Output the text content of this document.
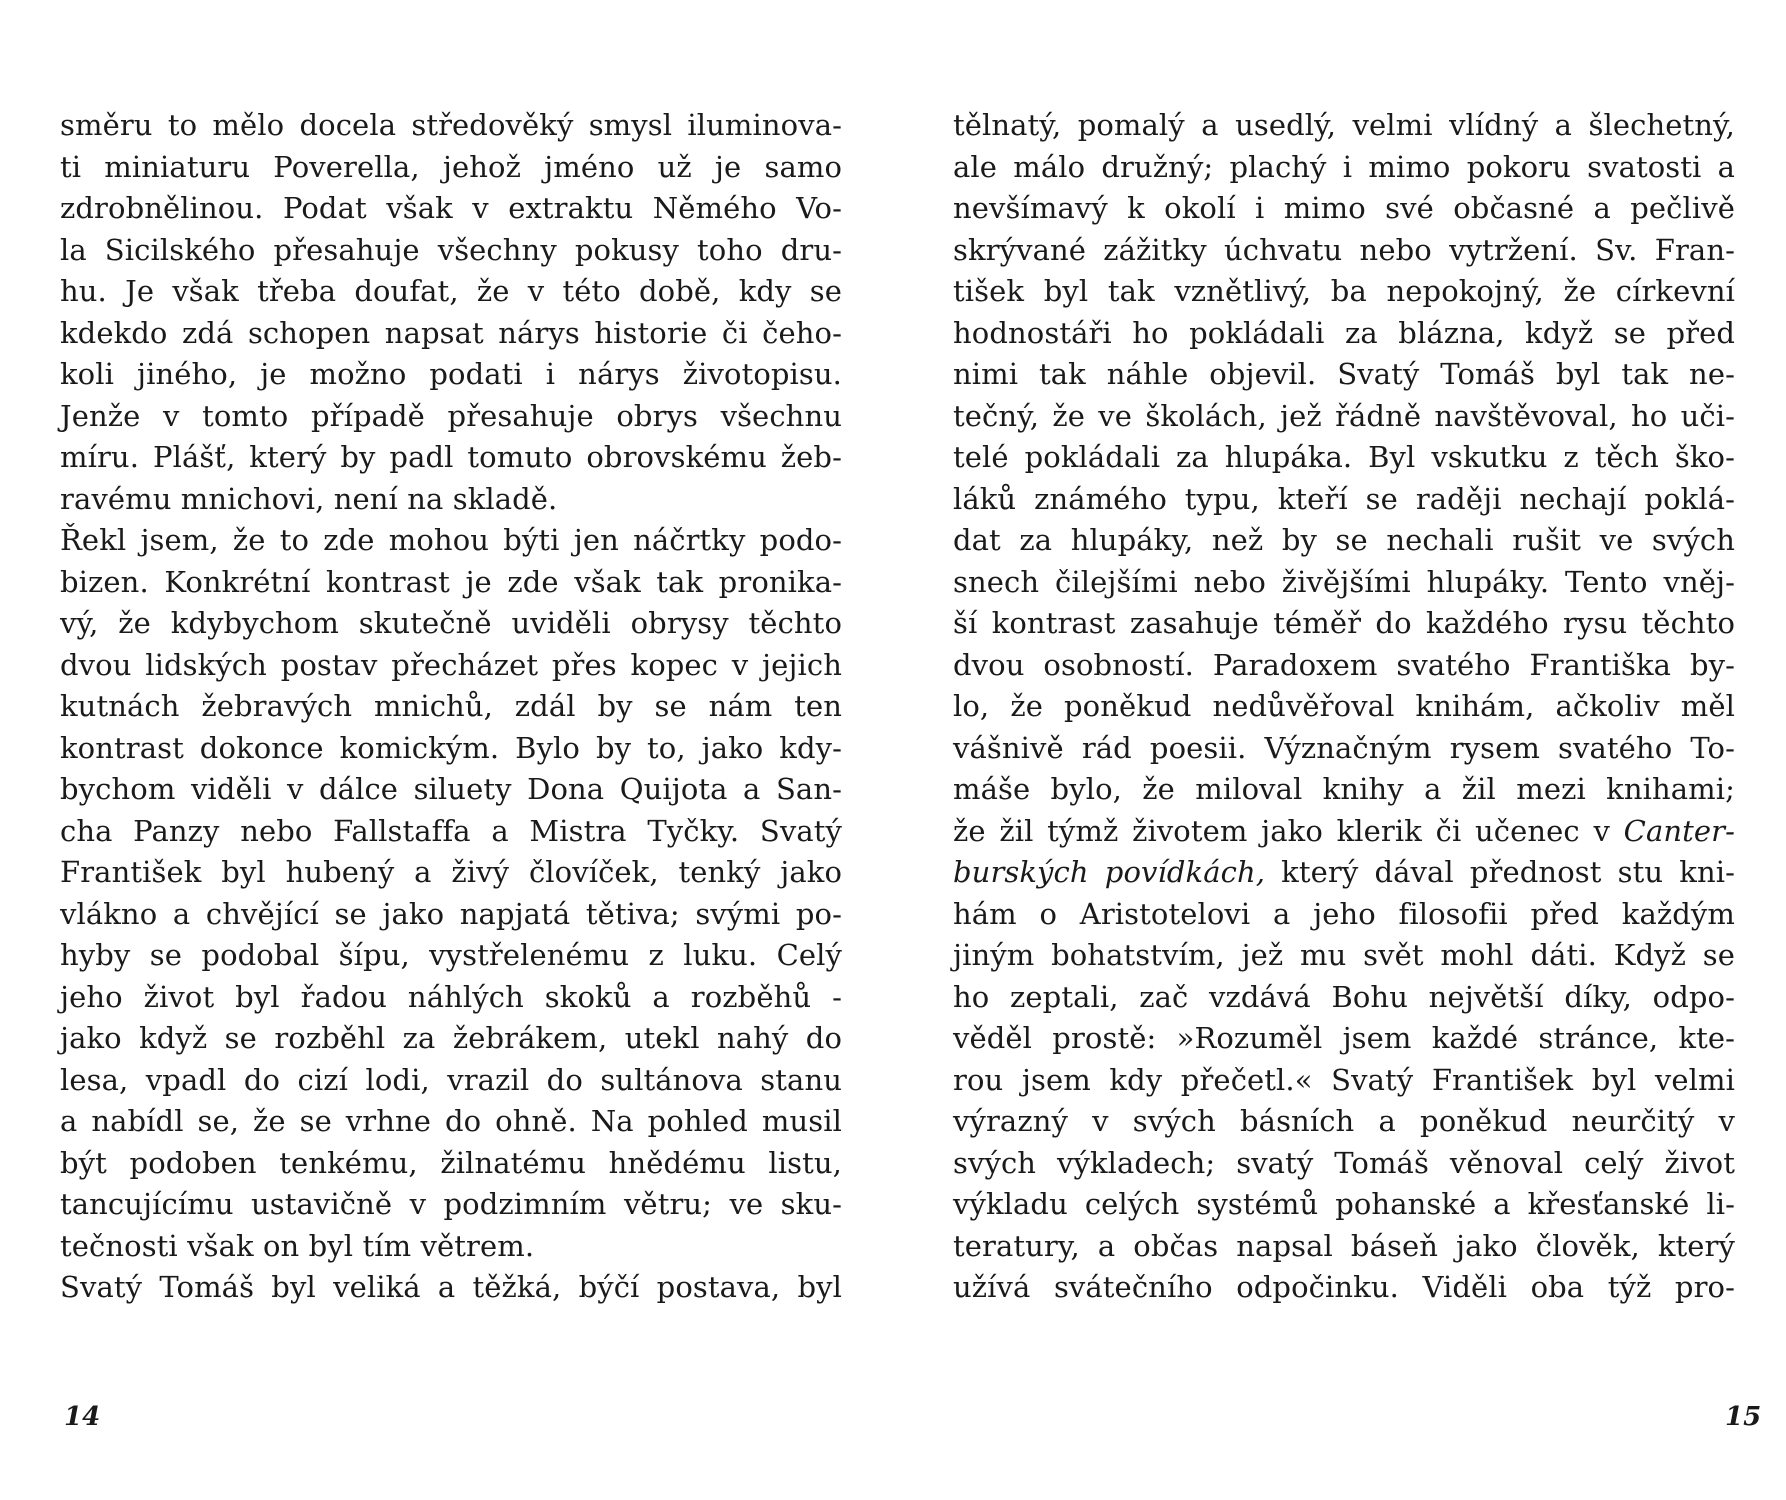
směru to mělo docela středověký smysl iluminova-
ti miniaturu Poverella, jehož jméno už je samo
zdrobnělinou. Podat však v extraktu Němého Vo-
la Sicilského přesahuje všechny pokusy toho dru-
hu. Je však třeba doufat, že v této době, kdy se
kdekdo zdá schopen napsat nárys historie či čeho-
koli jiného, je možno podati i nárys životopisu.
Jenže v tomto případě přesahuje obrys všechnu
míru. Plášť, který by padl tomuto obrovskému žeb-
ravému mnichovi, není na skladě.
Řekl jsem, že to zde mohou býti jen náčrtky podo-
bizen. Konkrétní kontrast je zde však tak pronika-
vý, že kdybychom skutečně uviděli obrysy těchto
dvou lidských postav přecházet přes kopec v jejich
kutnách žebravých mnichů, zdál by se nám ten
kontrast dokonce komickým. Bylo by to, jako kdy-
bychom viděli v dálce siluety Dona Quijota a San-
cha Panzy nebo Fallstaffa a Mistra Tyčky. Svatý
František byl hubený a živý človíček, tenký jako
vlákno a chvějící se jako napjatá tětiva; svými po-
hyby se podobal šípu, vystřelenému z luku. Celý
jeho život byl řadou náhlých skoků a rozběhů -
jako když se rozběhl za žebrákem, utekl nahý do
lesa, vpadl do cizí lodi, vrazil do sultánova stanu
a nabídl se, že se vrhne do ohně. Na pohled musil
být podoben tenkému, žilnatému hnědému listu,
tancujícímu ustavičně v podzimním větru; ve sku-
tečnosti však on byl tím větrem.
Svatý Tomáš byl veliká a těžká, býčí postava, byl
14
tělnatý, pomalý a usedlý, velmi vlídný a šlechetný,
ale málo družný; plachý i mimo pokoru svatosti a
nevšímavý k okolí i mimo své občasné a pečlivě
skrývané zážitky úchvatu nebo vytržení. Sv. Fran-
tišek byl tak vznětlivý, ba nepokojný, že církevní
hodnostáři ho pokládali za blázna, když se před
nimi tak náhle objevil. Svatý Tomáš byl tak ne-
tečný, že ve školách, jež řádně navštěvoval, ho uči-
telé pokládali za hlupáka. Byl vskutku z těch ško-
láků známého typu, kteří se raději nechají poklá-
dat za hlupáky, než by se nechali rušit ve svých
snech čilejšími nebo živějšími hlupáky. Tento vněj-
ší kontrast zasahuje téměř do každého rysu těchto
dvou osobností. Paradoxem svatého Františka by-
lo, že poněkud nedůvěřoval knihám, ačkoliv měl
vášnivě rád poesii. Význačným rysem svatého To-
máše bylo, že miloval knihy a žil mezi knihami;
že žil týmž životem jako klerik či učenec v Canter-
burských povídkách, který dával přednost stu kni-
hám o Aristotelovi a jeho filosofii před každým
jiným bohatstvím, jež mu svět mohl dáti. Když se
ho zeptali, zač vzdává Bohu největší díky, odpo-
věděl prostě: »Rozuměl jsem každé stránce, kte-
rou jsem kdy přečetl.« Svatý František byl velmi
výrazný v svých básních a poněkud neurčitý v
svých výkladech; svatý Tomáš věnoval celý život
výkladu celých systémů pohanské a křesťanské li-
teratury, a občas napsal báseň jako člověk, který
užívá svátečního odpočinku. Viděli oba týž pro-
15
